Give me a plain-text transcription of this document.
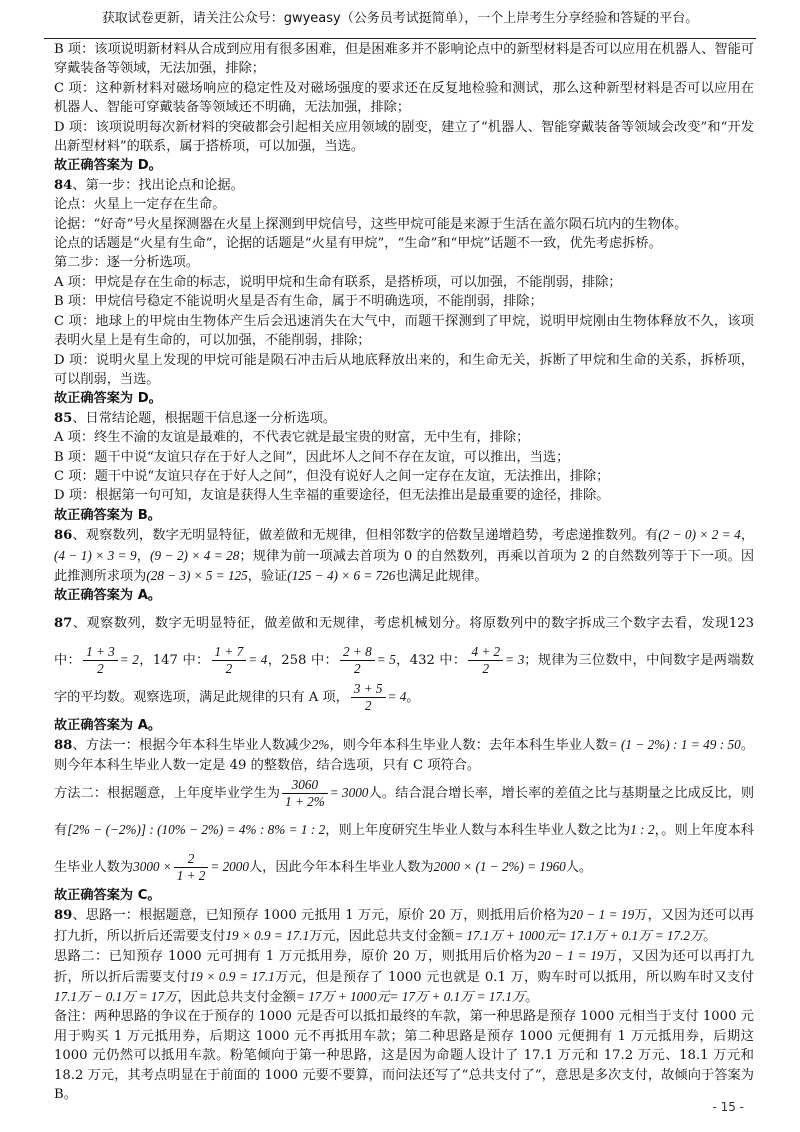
获取试卷更新，请关注公众号：gwyeasy（公务员考试挺简单），一个上岸考生分享经验和答疑的平台。

B 项：该项说明新材料从合成到应用有很多困难，但是困难多并不影响论点中的新型材料是否可以应用在机器人、智能可穿戴装备等领域，无法加强，排除；

C 项：这种新材料对磁场响应的稳定性及对磁场强度的要求还在反复地检验和测试，那么这种新型材料是否可以应用在机器人、智能可穿戴装备等领域还不明确，无法加强，排除；

D 项：该项说明每次新材料的突破都会引起相关应用领域的剧变，建立了“机器人、智能穿戴装备等领域会改变”和“开发出新型材料”的联系，属于搭桥项，可以加强，当选。

故正确答案为 D。

84、第一步：找出论点和论据。

论点：火星上一定存在生命。

论据：“好奇”号火星探测器在火星上探测到甲烷信号，这些甲烷可能是来源于生活在盖尔陨石坑内的生物体。

论点的话题是“火星有生命”，论据的话题是“火星有甲烷”，“生命”和“甲烷”话题不一致，优先考虑拆桥。

第二步：逐一分析选项。

A 项：甲烷是存在生命的标志，说明甲烷和生命有联系，是搭桥项，可以加强，不能削弱，排除；

B 项：甲烷信号稳定不能说明火星是否有生命，属于不明确选项，不能削弱，排除；

C 项：地球上的甲烷由生物体产生后会迅速消失在大气中，而题干探测到了甲烷，说明甲烷刚由生物体释放不久，该项表明火星上是有生命的，可以加强，不能削弱，排除；

D 项：说明火星上发现的甲烷可能是陨石冲击后从地底释放出来的，和生命无关，拆断了甲烷和生命的关系，拆桥项，可以削弱，当选。

故正确答案为 D。

85、日常结论题，根据题干信息逐一分析选项。

A 项：终生不渝的友谊是最难的，不代表它就是最宝贵的财富，无中生有，排除；

B 项：题干中说“友谊只存在于好人之间”，因此坏人之间不存在友谊，可以推出，当选；

C 项：题干中说“友谊只存在于好人之间”，但没有说好人之间一定存在友谊，无法推出，排除；

D 项：根据第一句可知，友谊是获得人生幸福的重要途径，但无法推出是最重要的途径，排除。

故正确答案为 B。

86、观察数列，数字无明显特征，做差做和无规律，但相邻数字的倍数呈递增趋势，考虑递推数列。有(2 − 0) × 2 = 4，(4 − 1) × 3 = 9，(9 − 2) × 4 = 28；规律为前一项减去首项为 0 的自然数列，再乘以首项为 2 的自然数列等于下一项。因此推测所求项为(28 − 3) × 5 = 125，验证(125 − 4) × 6 = 726也满足此规律。

故正确答案为 A。

87、观察数列，数字无明显特征，做差做和无规律，考虑机械划分。将原数列中的数字拆成三个数字去看，发现123 中： $\frac{1 + 3}{2} = 2$，147 中： $\frac{1 + 7}{2} = 4$，258 中： $\frac{2 + 8}{2} = 5$，432 中： $\frac{4 + 2}{2} = 3$；规律为三位数中，中间数字是两端数字的平均数。观察选项，满足此规律的只有 A 项， $\frac{3 + 5}{2} = 4$。

故正确答案为 A。

88、方法一：根据今年本科生毕业人数减少2%，则今年本科生毕业人数：去年本科生毕业人数= (1 − 2%) : 1 = 49 : 50。则今年本科生毕业人数一定是 49 的整数倍，结合选项，只有 C 项符合。

方法二：根据题意，上年度毕业学生为 $\frac{3060}{1 + 2\%} = 3000$人。结合混合增长率，增长率的差值之比与基期量之比成反比，则有[2% − (−2%)] : (10% − 2%) = 4% : 8% = 1 : 2，则上年度研究生毕业人数与本科生毕业人数之比为1 : 2，。则上年度本科生毕业人数为$3000 \times \frac{2}{1 + 2} = 2000$人，因此今年本科生毕业人数为2000 × (1 − 2%) = 1960人。

故正确答案为 C。

89、思路一：根据题意，已知预存 1000 元抵用 1 万元，原价 20 万，则抵用后价格为20 − 1 = 19万，又因为还可以再打九折，所以折后还需要支付19 × 0.9 = 17.1万元，因此总共支付金额= 17.1万 + 1000元= 17.1万 + 0.1万 = 17.2万。

思路二：已知预存 1000 元可拥有 1 万元抵用券，原价 20 万，则抵用后价格为20 − 1 = 19万，又因为还可以再打九折，所以折后需要支付19 × 0.9 = 17.1万元，但是预存了 1000 元也就是 0.1 万，购车时可以抵用，所以购车时又支付17.1万 − 0.1万 = 17万，因此总共支付金额= 17万 + 1000元= 17万 + 0.1万 = 17.1万。

备注：两种思路的争议在于预存的 1000 元是否可以抵扣最终的车款，第一种思路是预存 1000 元相当于支付 1000 元用于购买 1 万元抵用券，后期这 1000 元不再抵用车款；第二种思路是预存 1000 元便拥有 1 万元抵用券，后期这 1000 元仍然可以抵用车款。粉笔倾向于第一种思路，这是因为命题人设计了 17.1 万元和 17.2 万元、18.1 万元和 18.2 万元，其考点明显在于前面的 1000 元要不要算，而问法还写了“总共支付了”，意思是多次支付，故倾向于答案为 B。

- 15 -
